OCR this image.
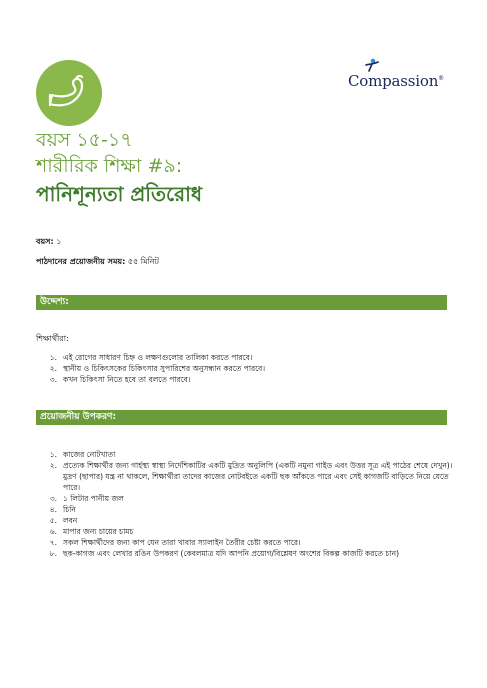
Compassion®
বয়স ১৫-১৭
শারীরিক শিক্ষা #৯:
পানিশূন্যতা প্রতিরোধ
বয়স: ১
পাঠদানের প্রয়োজনীয় সময়: ৫৫ মিনিট
উদ্দেশ্য:
শিক্ষার্থীরা:
১. এই রোগের সাধারণ চিহ্ন ও লক্ষণগুলোর তালিকা করতে পারবে।
২. স্থানীয় ও চিকিৎসকের চিকিৎসার সুপারিশের অনুসন্ধান করতে পারবে।
৩. কখন চিকিৎসা নিতে হবে তা বলতে পারবে।
প্রয়োজনীয় উপকরণ:
১. কাজের নোটখাতা
২. প্রত্যেক শিক্ষার্থীর জন্য গার্হস্থ্য স্বাস্থ্য নির্দেশিকাটির একটি মুদ্রিত অনুলিপি (একটি নমুনা গাইড এবং উত্তর সূত্র এই পাঠের শেষে দেখুন)। মুদ্রণ (ছাপার) যন্ত্র না থাকলে, শিক্ষার্থীরা তাদের কাজের নোটবইতে একটি ছক আঁকতে পারে এবং সেই কাগজটি বাড়িতে নিয়ে যেতে পারে।
৩. ১ লিটার পানীয় জল
৪. চিনি
৫. লবন
৬. মাপার জন্য চায়ের চামচ
৭. সকল শিক্ষার্থীদের জন্য কাপ যেন তারা খাবার স্যালাইন তৈরীর চেষ্টা করতে পারে।
৮. ছক-কাগজ এবং লেখার রঙিন উপকরণ (কেবলমাত্র যদি আপনি প্রয়োগ/বিশ্লেষণ অংশের বিকল্প কাজটি করতে চান)
